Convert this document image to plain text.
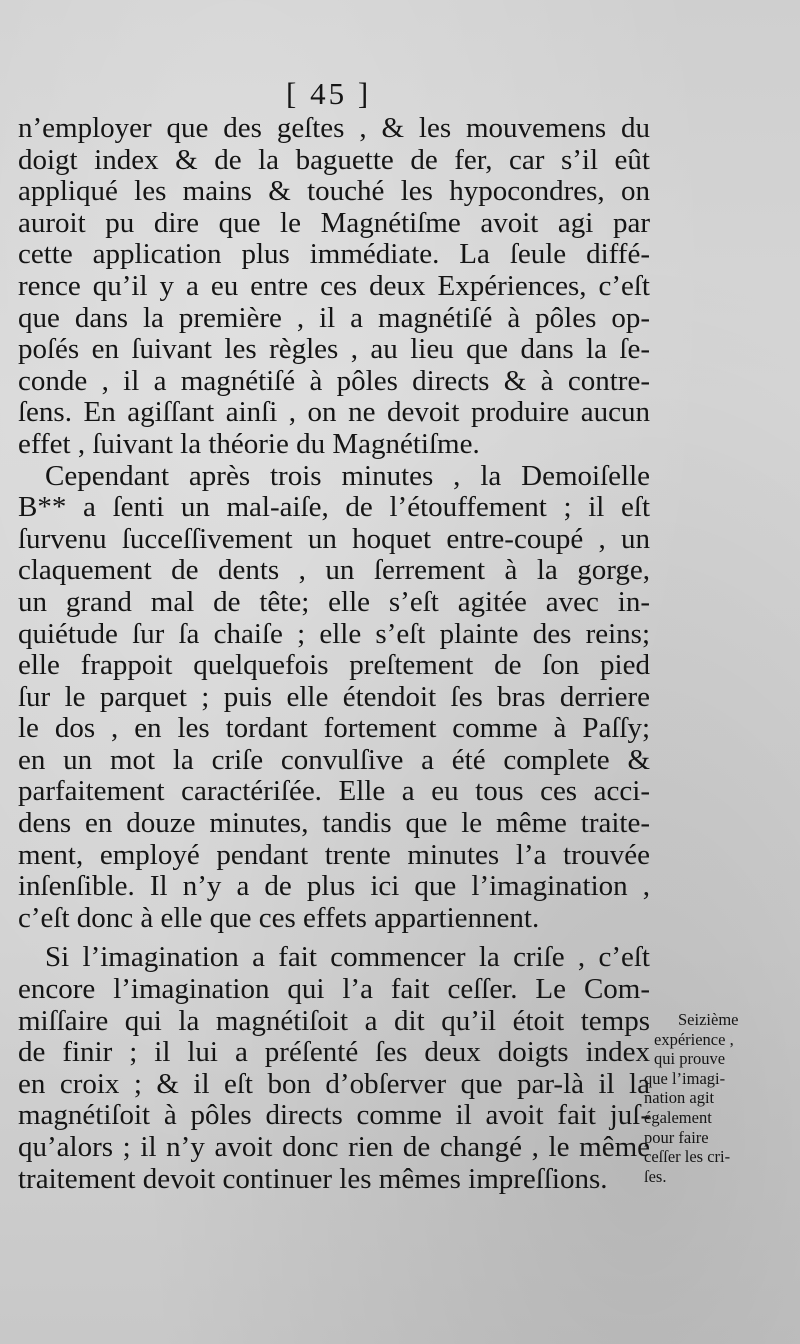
[ 45 ]
n’employer que des geſtes , & les mouvemens du
doigt index & de la baguette de fer, car s’il eût
appliqué les mains & touché les hypocondres, on
auroit pu dire que le Magnétiſme avoit agi par
cette application plus immédiate. La ſeule diffé-
rence qu’il y a eu entre ces deux Expériences, c’eſt
que dans la première , il a magnétiſé à pôles op-
poſés en ſuivant les règles , au lieu que dans la ſe-
conde , il a magnétiſé à pôles directs & à contre-
ſens. En agiſſant ainſi , on ne devoit produire aucun
effet , ſuivant la théorie du Magnétiſme.
Cependant après trois minutes , la Demoiſelle
B** a ſenti un mal-aiſe, de l’étouffement ; il eſt
ſurvenu ſucceſſivement un hoquet entre-coupé , un
claquement de dents , un ſerrement à la gorge,
un grand mal de tête; elle s’eſt agitée avec in-
quiétude ſur ſa chaiſe ; elle s’eſt plainte des reins;
elle frappoit quelquefois preſtement de ſon pied
ſur le parquet ; puis elle étendoit ſes bras derriere
le dos , en les tordant fortement comme à Paſſy;
en un mot la criſe convulſive a été complete &
parfaitement caractériſée. Elle a eu tous ces acci-
dens en douze minutes, tandis que le même traite-
ment, employé pendant trente minutes l’a trouvée
inſenſible. Il n’y a de plus ici que l’imagination ,
c’eſt donc à elle que ces effets appartiennent.
Si l’imagination a fait commencer la criſe , c’eſt
encore l’imagination qui l’a fait ceſſer. Le Com-
miſſaire qui la magnétiſoit a dit qu’il étoit temps
de finir ; il lui a préſenté ſes deux doigts index
en croix ; & il eſt bon d’obſerver que par-là il la
magnétiſoit à pôles directs comme il avoit fait juſ-
qu’alors ; il n’y avoit donc rien de changé , le même
traitement devoit continuer les mêmes impreſſions.
Seizième
expérience ,
qui prouve
que l’imagi-
nation agit
également
pour faire
ceſſer les cri-
ſes.
